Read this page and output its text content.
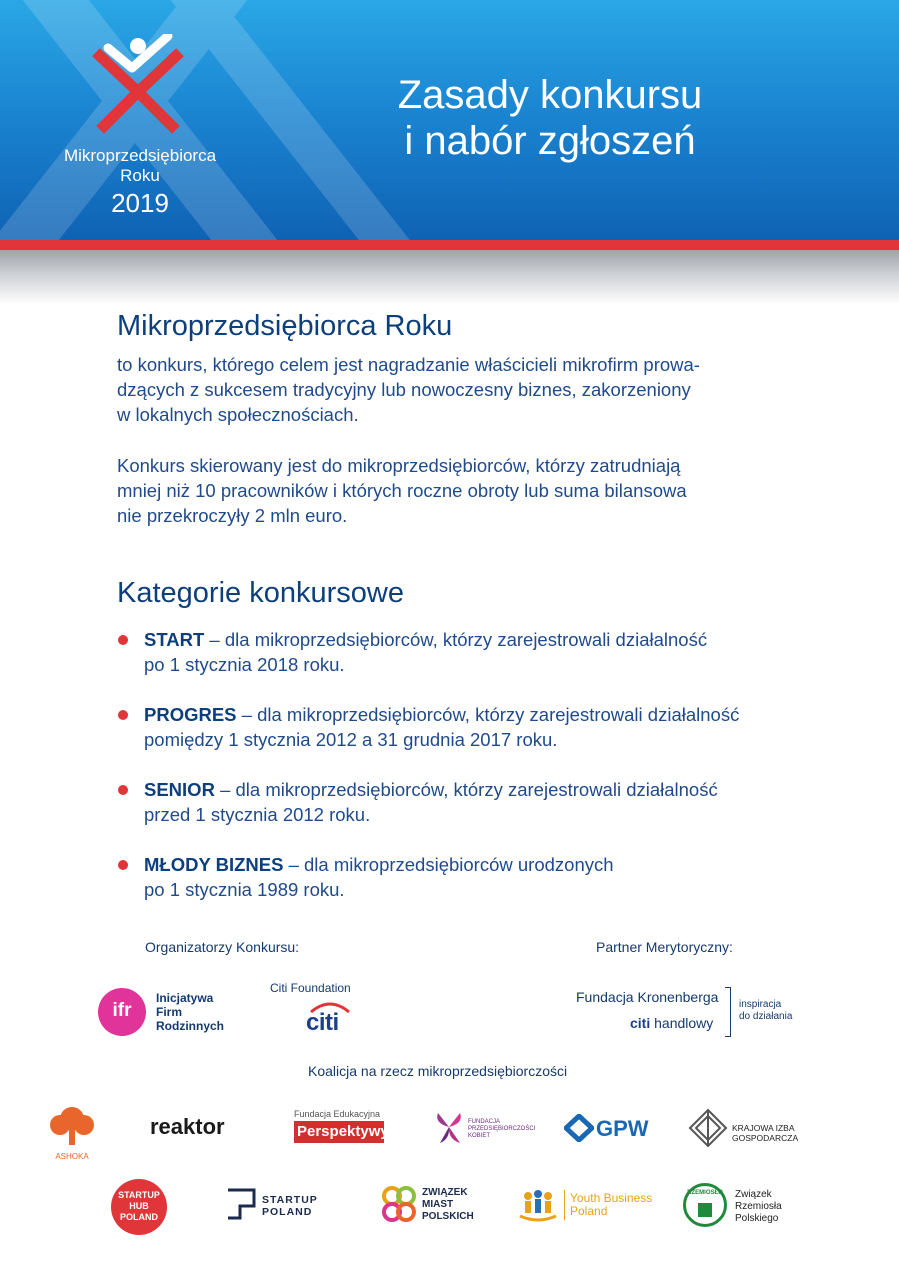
Mikroprzedsiębiorca
Roku
2019
Zasady konkursu
i nabór zgłoszeń
Mikroprzedsiębiorca Roku
to konkurs, którego celem jest nagradzanie właścicieli mikrofirm prowa-
dzących z sukcesem tradycyjny lub nowoczesny biznes, zakorzeniony
w lokalnych społecznościach.
Konkurs skierowany jest do mikroprzedsiębiorców, którzy zatrudniają
mniej niż 10 pracowników i których roczne obroty lub suma bilansowa
nie przekroczyły 2 mln euro.
Kategorie konkursowe
START – dla mikroprzedsiębiorców, którzy zarejestrowali działalność
po 1 stycznia 2018 roku.
PROGRES – dla mikroprzedsiębiorców, którzy zarejestrowali działalność
pomiędzy 1 stycznia 2012 a 31 grudnia 2017 roku.
SENIOR – dla mikroprzedsiębiorców, którzy zarejestrowali działalność
przed 1 stycznia 2012 roku.
MŁODY BIZNES – dla mikroprzedsiębiorców urodzonych
po 1 stycznia 1989 roku.
Organizatorzy Konkursu:	Partner Merytoryczny:
ifr
Inicjatywa
Firm
Rodzinnych
Citi Foundation
citi
Fundacja Kronenberga
citi handlowy
inspiracja
do działania
Koalicja na rzecz mikroprzedsiębiorczości
ASHOKA
reaktor	Fundacja Edukacyjna
Perspektywy
FUNDACJA
PRZEDSIĘBIORCZOŚCI
KOBIET	GPW	KRAJOWA IZBA GOSPODARCZA
STARTUP
HUB
POLAND
STARTUP
POLAND
ZWIĄZEK
MIAST
POLSKICH
Youth Business
Poland
RZEMIOSŁO	Związek
Rzemiosła
Polskiego
